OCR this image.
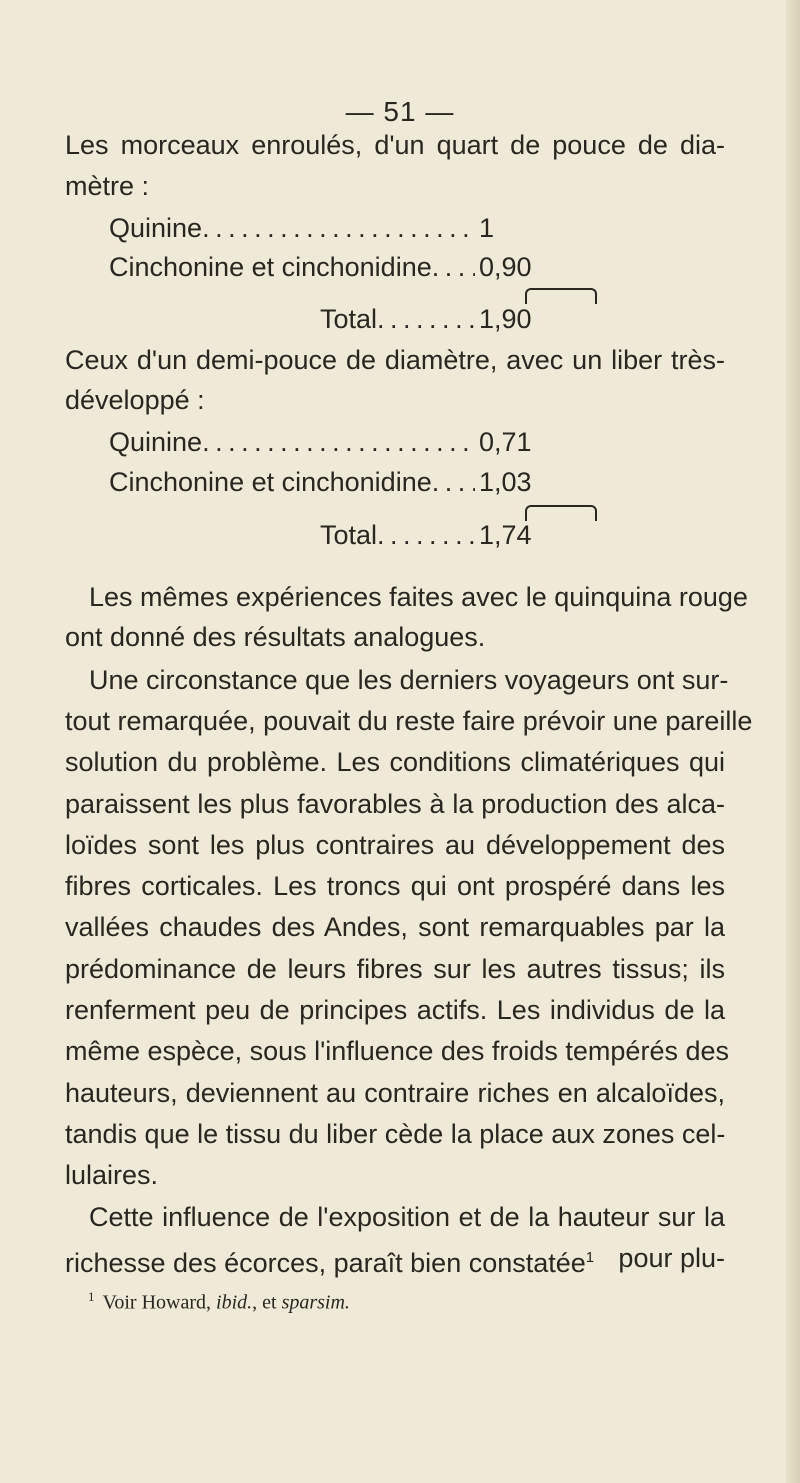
— 51 —
Les morceaux enroulés, d'un quart de pouce de dia-
mètre :
Quinine . . .	1
Cinchonine et cinchonidine . . . 0,90
Total . . .	1,90
Ceux d'un demi-pouce de diamètre, avec un liber très-
développé :
Quinine . . .	0,71
Cinchonine et cinchonidine . . . 1,03
Total . . .	1,74
Les mêmes expériences faites avec le quinquina rouge
ont donné des résultats analogues.
Une circonstance que les derniers voyageurs ont sur-
tout remarquée, pouvait du reste faire prévoir une pareille
solution du problème. Les conditions climatériques qui
paraissent les plus favorables à la production des alca-
loïdes sont les plus contraires au développement des
fibres corticales. Les troncs qui ont prospéré dans les
vallées chaudes des Andes, sont remarquables par la
prédominance de leurs fibres sur les autres tissus; ils
renferment peu de principes actifs. Les individus de la
même espèce, sous l'influence des froids tempérés des
hauteurs, deviennent au contraire riches en alcaloïdes,
tandis que le tissu du liber cède la place aux zones cel-
lulaires.
Cette influence de l'exposition et de la hauteur sur la
richesse des écorces, paraît bien constatée$^1$ pour plu-
$^1$ Voir Howard, ibid., et sparsim.
